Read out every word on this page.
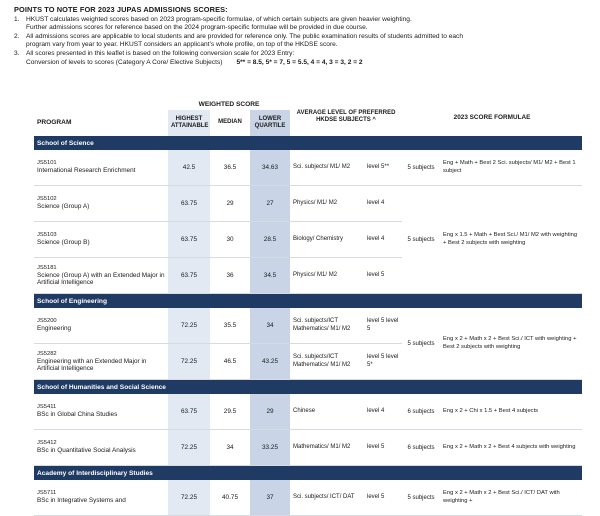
POINTS TO NOTE FOR 2023 JUPAS ADMISSIONS SCORES:
1. HKUST calculates weighted scores based on 2023 program-specific formulae, of which certain subjects are given heavier weighting.
Further admissions scores for reference based on the 2024 program-specific formulae will be provided in due course.
2. All admissions scores are applicable to local students and are provided for reference only. The public examination results of students admitted to each
program vary from year to year. HKUST considers an applicant’s whole profile, on top of the HKDSE score.
3. All scores presented in this leaflet is based on the following conversion scale for 2023 Entry:
Conversion of levels to scores (Category A Core/ Elective Subjects) 5** = 8.5, 5* = 7, 5 = 5.5, 4 = 4, 3 = 3, 2 = 2
	WEIGHTED SCORE			AVERAGE LEVEL OF PREFERRED HKDSE SUBJECTS ^		2023 SCORE FORMULAE	
PROGRAM	HIGHEST ATTAINABLE	MEDIAN	LOWER QUARTILE				
School of Science							

JS5101
International Research Enrichment	42.5	36.5	34.63	Sci. subjects/ M1/ M2	level 5**	5 subjects	Eng + Math + Best 2 Sci. subjects/ M1/ M2 + Best 1 subject

JS5102
Science (Group A)	63.75	29	27	Physics/ M1/ M2	level 4	5 subjects	Eng x 1.5 + Math + Best Sci./ M1/ M2 with weighting + Best 2 subjects with weighting

JS5103
Science (Group B)	63.75	30	28.5	Biology/ Chemistry	level 4		

JS5181
Science (Group A) with an Extended Major in Artificial Intelligence	63.75	36	34.5	Physics/ M1/ M2	level 5		
School of Engineering							

JS5200
Engineering	72.25	35.5	34	Sci. subjects/ICT Mathematics/ M1/ M2	level 5 level 5	5 subjects	Eng x 2 + Math x 2 + Best Sci./ ICT with weighting + Best 2 subjects with weighting

JS5282
Engineering with an Extended Major in Artificial Intelligence	72.25	46.5	43.25	Sci. subjects/ICT Mathematics/ M1/ M2	level 5 level 5*		
School of Humanities and Social Science							

JS5411
BSc in Global China Studies	63.75	29.5	29	Chinese	level 4	6 subjects	Eng x 2 + Chi x 1.5 + Best 4 subjects

JS5412
BSc in Quantitative Social Analysis	72.25	34	33.25	Mathematics/ M1/ M2	level 5	6 subjects	Eng x 2 + Math x 2 + Best 4 subjects with weighting
Academy of Interdisciplinary Studies							

JS5711
BSc in Integrative Systems and	72.25	40.75	37	Sci. subjects/ ICT/ DAT	level 5	5 subjects	Eng x 2 + Math x 2 + Best Sci./ ICT/ DAT with weighting +
